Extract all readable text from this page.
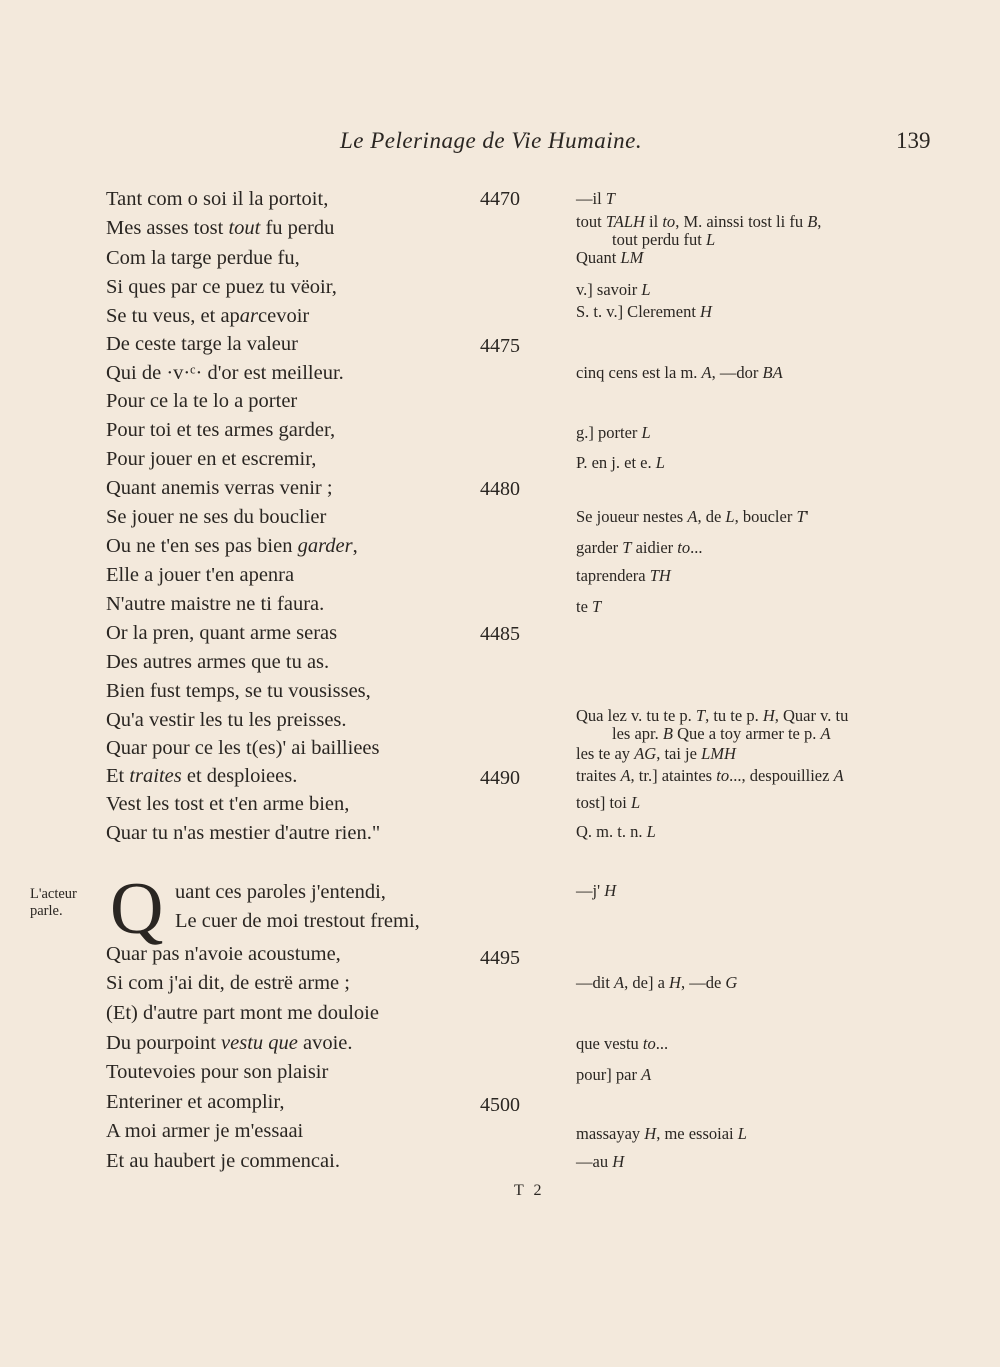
Le Pelerinage de Vie Humaine.	139
L'acteur parle. Q
Tant com o soi il la portoit,
Mes asses tost tout fu perdu
Com la targe perdue fu,
Si ques par ce puez tu vëoir,
Se tu veus, et aparcevoir
De ceste targe la valeur
Qui de ·v·ᶜ· d'or est meilleur.
Pour ce la te lo a porter
Pour toi et tes armes garder,
Pour jouer en et escremir,
Quant anemis verras venir ;
Se jouer ne ses du bouclier
Ou ne t'en ses pas bien garder,
Elle a jouer t'en apenra
N'autre maistre ne ti faura.
Or la pren, quant arme seras
Des autres armes que tu as.
Bien fust temps, se tu vousisses,
Qu'a vestir les tu les preisses.
Quar pour ce les t(es)' ai bailliees
Et traites et desploiees.
Vest les tost et t'en arme bien,
Quar tu n'as mestier d'autre rien."
uant ces paroles j'entendi,
Le cuer de moi trestout fremi,
Quar pas n'avoie acoustume,
Si com j'ai dit, de estrë arme ;
(Et) d'autre part mont me douloie
Du pourpoint vestu que avoie.
Toutevoies pour son plaisir
Enteriner et acomplir,
A moi armer je m'essaai
Et au haubert je commencai.
4470
4475
4480
4485
4490
4495
4500
—il T
tout TALH il to, M. ainssi tost li fu B,
tout perdu fut L
Quant LM
v.] savoir L
S. t. v.] Clerement H
cinq cens est la m. A, —dor BA
g.] porter L
P. en j. et e. L
Se joueur nestes A, de L, boucler T'
garder T aidier to...
taprendera TH
te T
Qua lez v. tu te p. T, tu te p. H, Quar v. tu
les apr. B Que a toy armer te p. A
les te ay AG, tai je LMH
traites A, tr.] ataintes to..., despouilliez A
tost] toi L
Q. m. t. n. L
—j' H
—dit A, de] a H, —de G
que vestu to...
pour] par A
massayay H, me essoiai L
—au H
T 2
